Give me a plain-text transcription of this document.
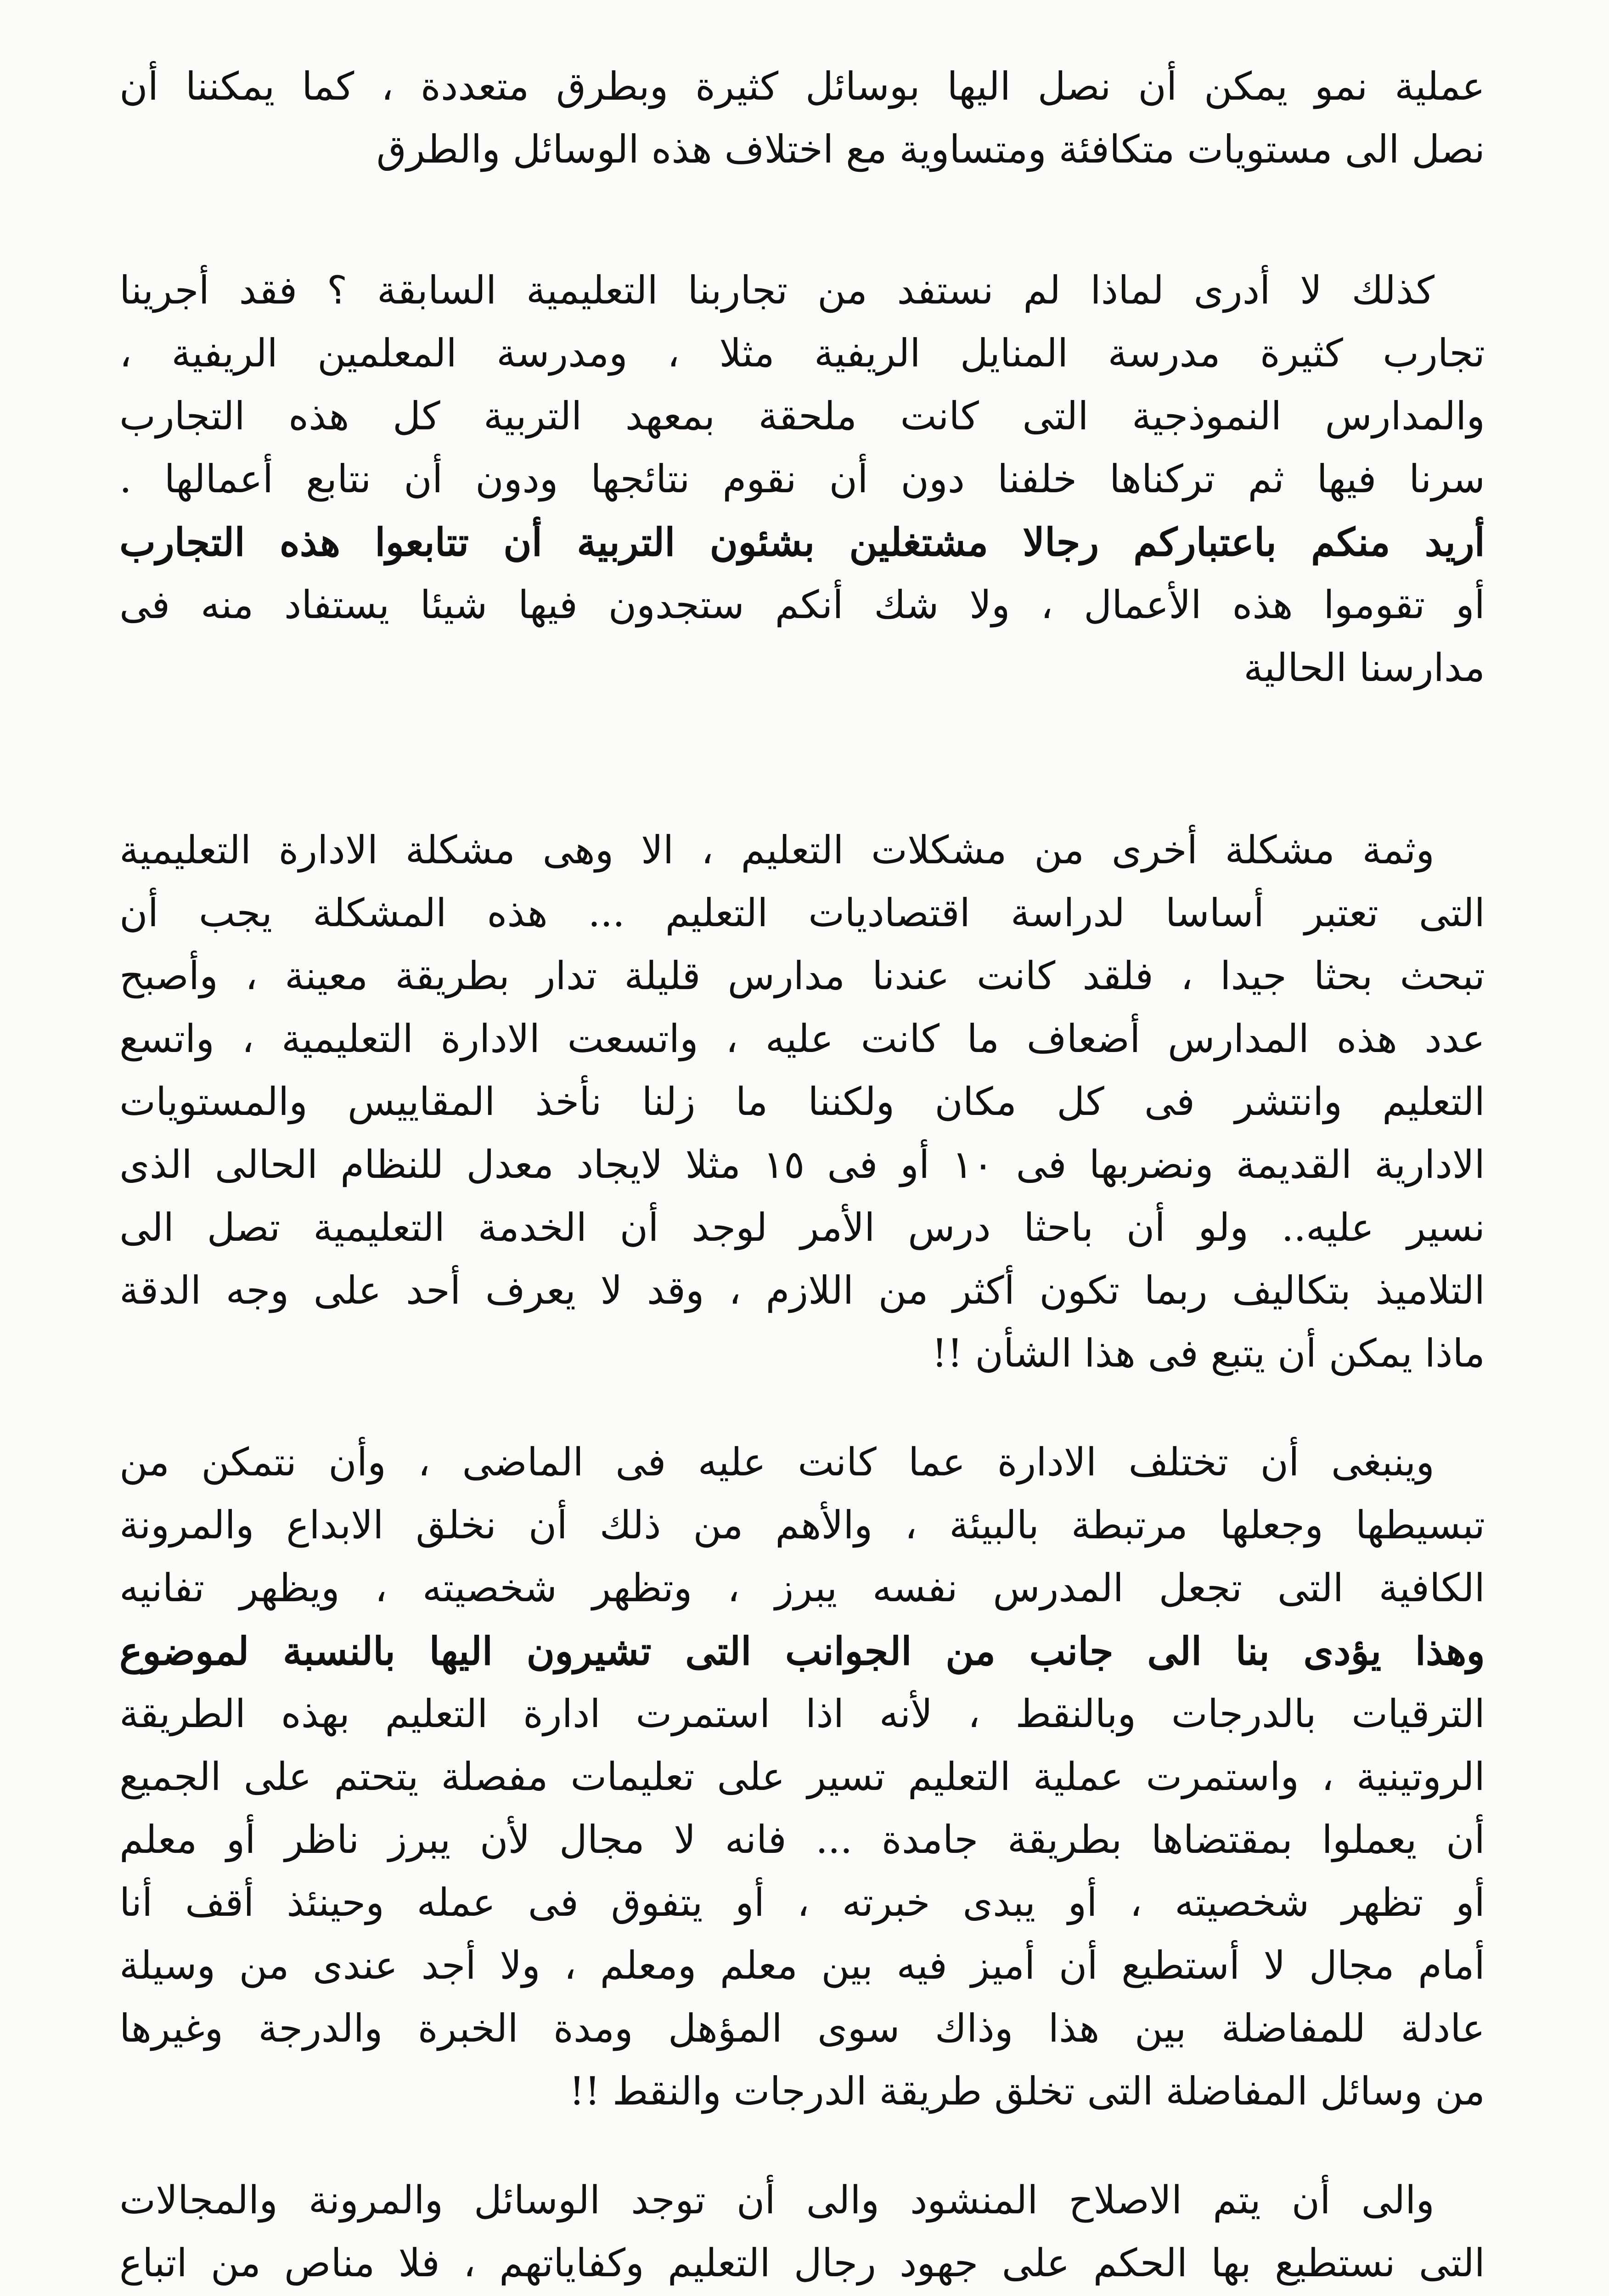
عملية نمو يمكن أن نصل اليها بوسائل كثيرة وبطرق متعددة ، كما يمكننا أن
نصل الى مستويات متكافئة ومتساوية مع اختلاف هذه الوسائل والطرق
كذلك لا أدرى لماذا لم نستفد من تجاربنا التعليمية السابقة ؟ فقد أجرينا
تجارب كثيرة مدرسة المنايل الريفية مثلا ، ومدرسة المعلمين الريفية ،
والمدارس النموذجية التى كانت ملحقة بمعهد التربية كل هذه التجارب
سرنا فيها ثم تركناها خلفنا دون أن نقوم نتائجها ودون أن نتابع أعمالها .
أريد منكم باعتباركم رجالا مشتغلين بشئون التربية أن تتابعوا هذه التجارب
أو تقوموا هذه الأعمال ، ولا شك أنكم ستجدون فيها شيئا يستفاد منه فى
مدارسنا الحالية
وثمة مشكلة أخرى من مشكلات التعليم ، الا وهى مشكلة الادارة التعليمية
التى تعتبر أساسا لدراسة اقتصاديات التعليم ... هذه المشكلة يجب أن
تبحث بحثا جيدا ، فلقد كانت عندنا مدارس قليلة تدار بطريقة معينة ، وأصبح
عدد هذه المدارس أضعاف ما كانت عليه ، واتسعت الادارة التعليمية ، واتسع
التعليم وانتشر فى كل مكان ولكننا ما زلنا نأخذ المقاييس والمستويات
الادارية القديمة ونضربها فى ١٠ أو فى ١٥ مثلا لايجاد معدل للنظام الحالى الذى
نسير عليه.. ولو أن باحثا درس الأمر لوجد أن الخدمة التعليمية تصل الى
التلاميذ بتكاليف ربما تكون أكثر من اللازم ، وقد لا يعرف أحد على وجه الدقة
ماذا يمكن أن يتبع فى هذا الشأن !!
وينبغى أن تختلف الادارة عما كانت عليه فى الماضى ، وأن نتمكن من
تبسيطها وجعلها مرتبطة بالبيئة ، والأهم من ذلك أن نخلق الابداع والمرونة
الكافية التى تجعل المدرس نفسه يبرز ، وتظهر شخصيته ، ويظهر تفانيه
وهذا يؤدى بنا الى جانب من الجوانب التى تشيرون اليها بالنسبة لموضوع
الترقيات بالدرجات وبالنقط ، لأنه اذا استمرت ادارة التعليم بهذه الطريقة
الروتينية ، واستمرت عملية التعليم تسير على تعليمات مفصلة يتحتم على الجميع
أن يعملوا بمقتضاها بطريقة جامدة ... فانه لا مجال لأن يبرز ناظر أو معلم
أو تظهر شخصيته ، أو يبدى خبرته ، أو يتفوق فى عمله وحينئذ أقف أنا
أمام مجال لا أستطيع أن أميز فيه بين معلم ومعلم ، ولا أجد عندى من وسيلة
عادلة للمفاضلة بين هذا وذاك سوى المؤهل ومدة الخبرة والدرجة وغيرها
من وسائل المفاضلة التى تخلق طريقة الدرجات والنقط !!
والى أن يتم الاصلاح المنشود والى أن توجد الوسائل والمرونة والمجالات
التى نستطيع بها الحكم على جهود رجال التعليم وكفاياتهم ، فلا مناص من اتباع
